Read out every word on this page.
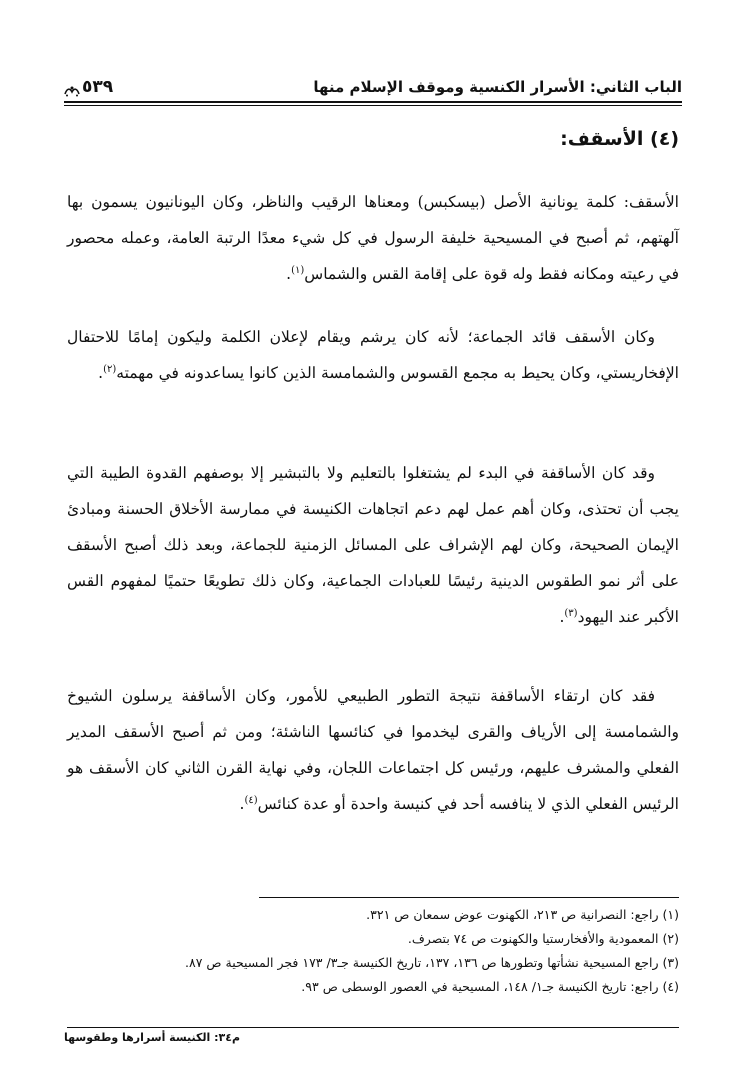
الباب الثاني: الأسرار الكنسية وموقف الإسلام منها
٥٣٩
(٤) الأسقف:
الأسقف: كلمة يونانية الأصل (بيسكبس) ومعناها الرقيب والناظر، وكان اليونانيون يسمون بها آلهتهم، ثم أصبح في المسيحية خليفة الرسول في كل شيء معدًا الرتبة العامة، وعمله محصور في رعيته ومكانه فقط وله قوة على إقامة القس والشماس$^{(١)}$.
وكان الأسقف قائد الجماعة؛ لأنه كان يرشم ويقام لإعلان الكلمة وليكون إمامًا للاحتفال الإفخاريستي، وكان يحيط به مجمع القسوس والشمامسة الذين كانوا يساعدونه في مهمته$^{(٢)}$.
وقد كان الأساقفة في البدء لم يشتغلوا بالتعليم ولا بالتبشير إلا بوصفهم القدوة الطيبة التي يجب أن تحتذى، وكان أهم عمل لهم دعم اتجاهات الكنيسة في ممارسة الأخلاق الحسنة ومبادئ الإيمان الصحيحة، وكان لهم الإشراف على المسائل الزمنية للجماعة، وبعد ذلك أصبح الأسقف على أثر نمو الطقوس الدينية رئيسًا للعبادات الجماعية، وكان ذلك تطويعًا حتميًا لمفهوم القس الأكبر عند اليهود$^{(٣)}$.
فقد كان ارتقاء الأساقفة نتيجة التطور الطبيعي للأمور، وكان الأساقفة يرسلون الشيوخ والشمامسة إلى الأرياف والقرى ليخدموا في كنائسها الناشئة؛ ومن ثم أصبح الأسقف المدير الفعلي والمشرف عليهم، ورئيس كل اجتماعات اللجان، وفي نهاية القرن الثاني كان الأسقف هو الرئيس الفعلي الذي لا ينافسه أحد في كنيسة واحدة أو عدة كنائس$^{(٤)}$.
(١) راجع: النصرانية ص ٢١٣، الكهنوت عوض سمعان ص ٣٢١.
(٢) المعمودية والأفخارستيا والكهنوت ص ٧٤ بتصرف.
(٣) راجع المسيحية نشأتها وتطورها ص ١٣٦، ١٣٧، تاريخ الكنيسة جـ٣/ ١٧٣ فجر المسيحية ص ٨٧.
(٤) راجع: تاريخ الكنيسة جـ١/ ١٤٨، المسيحية في العصور الوسطى ص ٩٣.
م٣٤: الكنيسة أسرارها وطقوسها
